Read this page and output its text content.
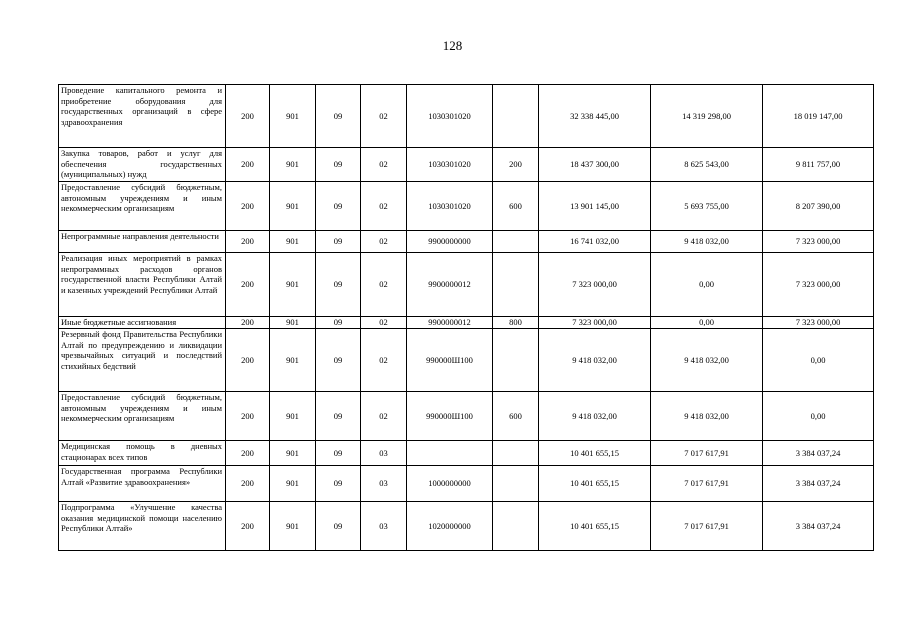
128
Проведение капитального ремонта и приобретение оборудования для государственных организаций в сфере здравоохранения	200	901	09	02	1030301020		32 338 445,00	14 319 298,00	18 019 147,00
Закупка товаров, работ и услуг для обеспечения государственных (муниципальных) нужд	200	901	09	02	1030301020	200	18 437 300,00	8 625 543,00	9 811 757,00
Предоставление субсидий бюджетным, автономным учреждениям и иным некоммерческим организациям	200	901	09	02	1030301020	600	13 901 145,00	5 693 755,00	8 207 390,00
Непрограммные направления деятельности	200	901	09	02	9900000000		16 741 032,00	9 418 032,00	7 323 000,00
Реализация иных мероприятий в рамках непрограммных расходов органов государственной власти Республики Алтай и казенных учреждений Республики Алтай	200	901	09	02	9900000012		7 323 000,00	0,00	7 323 000,00
Иные бюджетные ассигнования	200	901	09	02	9900000012	800	7 323 000,00	0,00	7 323 000,00
Резервный фонд Правительства Республики Алтай по предупреждению и ликвидации чрезвычайных ситуаций и последствий стихийных бедствий	200	901	09	02	990000Ш100		9 418 032,00	9 418 032,00	0,00
Предоставление субсидий бюджетным, автономным учреждениям и иным некоммерческим организациям	200	901	09	02	990000Ш100	600	9 418 032,00	9 418 032,00	0,00
Медицинская помощь в дневных стационарах всех типов	200	901	09	03			10 401 655,15	7 017 617,91	3 384 037,24
Государственная программа Республики Алтай «Развитие здравоохранения»	200	901	09	03	1000000000		10 401 655,15	7 017 617,91	3 384 037,24
Подпрограмма «Улучшение качества оказания медицинской помощи населению Республики Алтай»	200	901	09	03	1020000000		10 401 655,15	7 017 617,91	3 384 037,24
